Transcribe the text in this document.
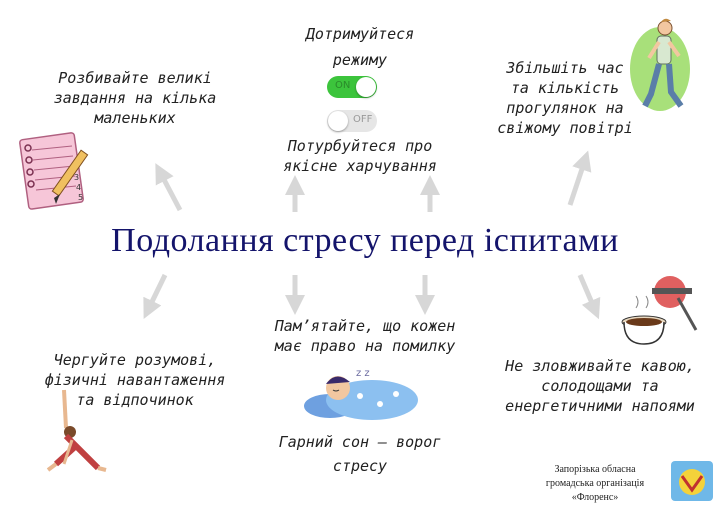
Дотримуйтеся
режиму
ON
OFF
Розбивайте великі
завдання на кілька
маленьких
Потурбуйтеся про
якісне харчування
Збільшіть час
та кількість
прогулянок на
свіжому повітрі
Подолання стресу перед іспитами
Пам’ятайте, що кожен
має право на помилку
Чергуйте розумові,
фізичні навантаження
та відпочинок
Не зловживайте кавою,
солодощами та
енергетичними напоями
Гарний сон – ворог
стресу
3
4
5
z z
Запорізька обласна
громадська організація
«Флоренс»
